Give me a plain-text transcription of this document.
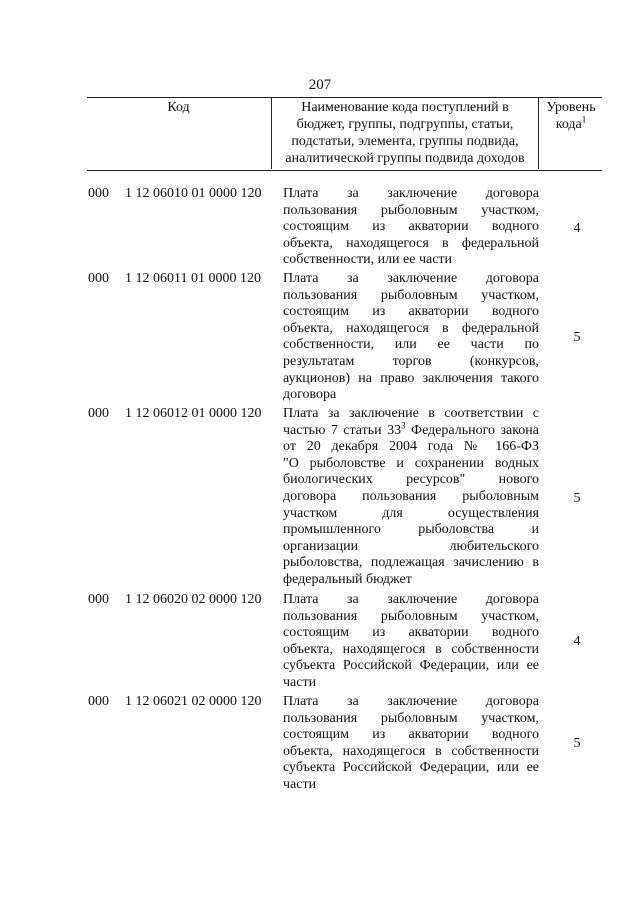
207
Код	Наименование кода поступлений в
бюджет, группы, подгруппы, статьи,
подстатьи, элемента, группы подвида,
аналитической группы подвида доходов
Уровень
кода$^1$
000 1 12 06010 01 0000 120 Плата за заключение договора
пользования рыболовным участком,
состоящим из акватории водного
объекта, находящегося в федеральной
собственности, или ее части
4
000 1 12 06011 01 0000 120 Плата за заключение договора
пользования рыболовным участком,
состоящим из акватории водного
объекта, находящегося в федеральной
собственности, или ее части по
результатам торгов (конкурсов,
аукционов) на право заключения такого
договора
5
000 1 12 06012 01 0000 120 Плата за заключение в соответствии с
частью 7 статьи $33^3$ Федерального закона
от 20 декабря 2004 года № 166-ФЗ
"О рыболовстве и сохранении водных
биологических ресурсов" нового
договора пользования рыболовным
участком для осуществления
промышленного рыболовства и
организации любительского
рыболовства, подлежащая зачислению в
федеральный бюджет
5
000 1 12 06020 02 0000 120 Плата за заключение договора
пользования рыболовным участком,
состоящим из акватории водного
объекта, находящегося в собственности
субъекта Российской Федерации, или ее
части
4
000 1 12 06021 02 0000 120 Плата за заключение договора
пользования рыболовным участком,
состоящим из акватории водного
объекта, находящегося в собственности
субъекта Российской Федерации, или ее
части
5
